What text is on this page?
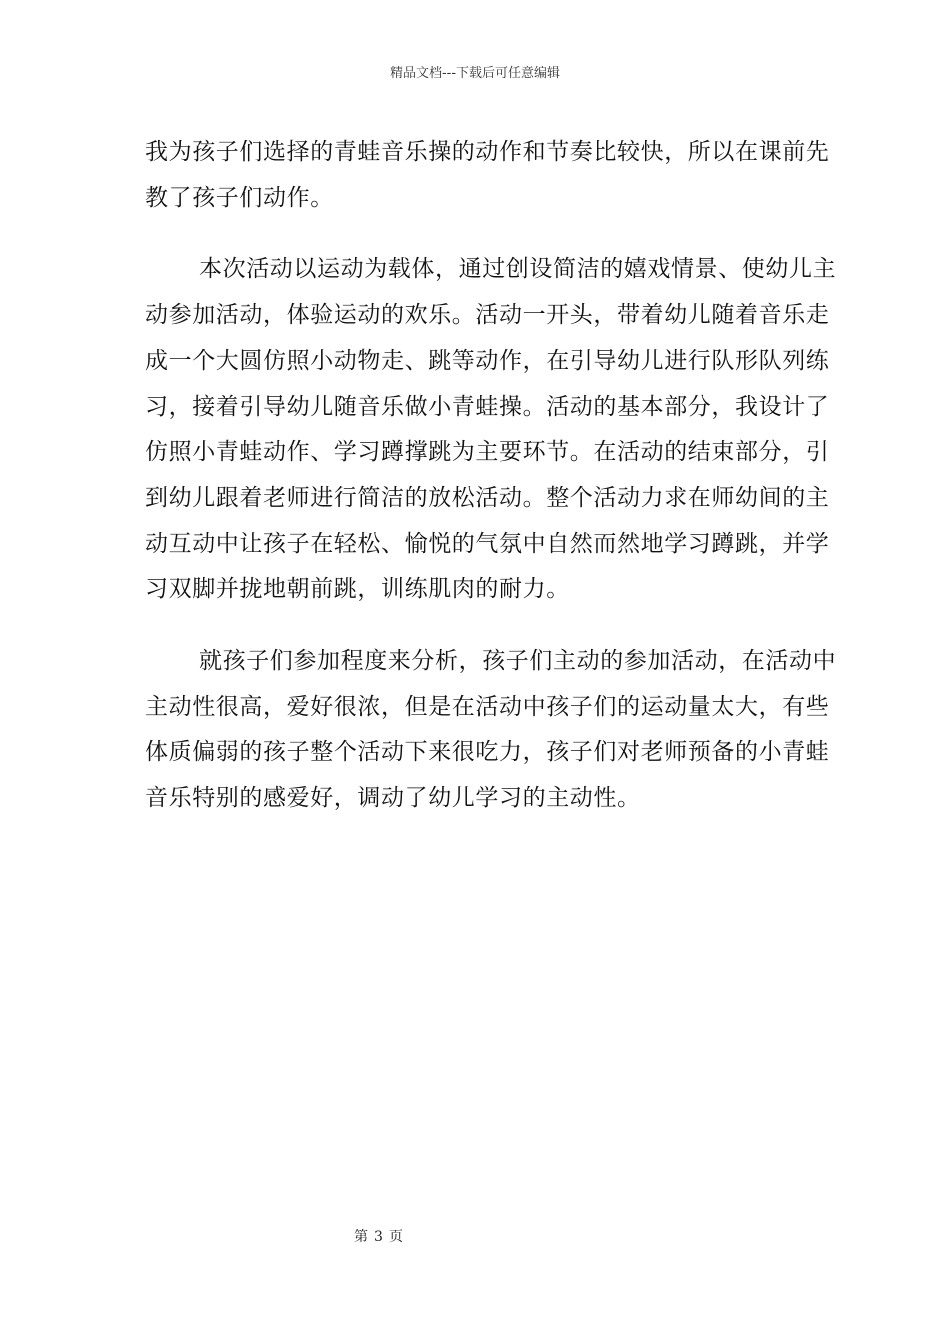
精品文档---下载后可任意编辑

我为孩子们选择的青蛙音乐操的动作和节奏比较快，所以在课前先
教了孩子们动作。

本次活动以运动为载体，通过创设简洁的嬉戏情景、使幼儿主
动参加活动，体验运动的欢乐。活动一开头，带着幼儿随着音乐走
成一个大圆仿照小动物走、跳等动作，在引导幼儿进行队形队列练
习，接着引导幼儿随音乐做小青蛙操。活动的基本部分，我设计了
仿照小青蛙动作、学习蹲撑跳为主要环节。在活动的结束部分，引
到幼儿跟着老师进行简洁的放松活动。整个活动力求在师幼间的主
动互动中让孩子在轻松、愉悦的气氛中自然而然地学习蹲跳，并学
习双脚并拢地朝前跳，训练肌肉的耐力。

就孩子们参加程度来分析，孩子们主动的参加活动，在活动中
主动性很高，爱好很浓，但是在活动中孩子们的运动量太大，有些
体质偏弱的孩子整个活动下来很吃力，孩子们对老师预备的小青蛙
音乐特别的感爱好，调动了幼儿学习的主动性。

第 3 页
